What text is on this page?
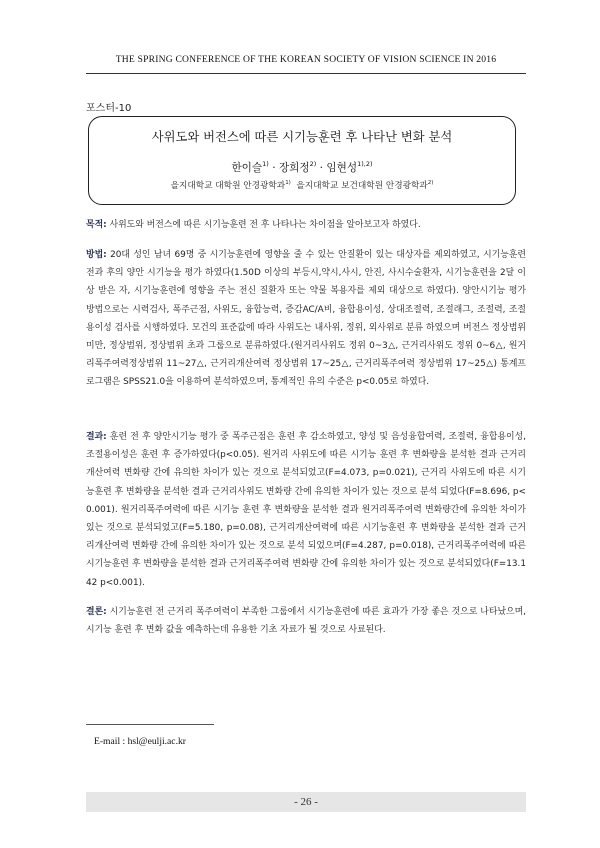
THE SPRING CONFERENCE OF THE KOREAN SOCIETY OF VISION SCIENCE IN 2016
포스터-10
사위도와 버전스에 따른 시기능훈련 후 나타난 변화 분석
한이슬$^{1)}$ · 장희정$^{2)}$ · 임현성$^{1),2)}$
을지대학교 대학원 안경광학과$^{1)}$ 을지대학교 보건대학원 안경광학과$^{2)}$
목적: 사위도와 버전스에 따른 시기능훈련 전 후 나타나는 차이점을 알아보고자 하였다.
방법: 20대 성인 남녀 69명 중 시기능훈련에 영향을 줄 수 있는 안질환이 있는 대상자를 제외하였고, 시기능훈련 전과 후의 양안 시기능을 평가 하였다(1.50D 이상의 부등시,약시,사시, 안진, 사시수술환자, 시기능훈련을 2달 이상 받은 자, 시기능훈련에 영향을 주는 전신 질환자 또는 약물 복용자를 제외 대상으로 하였다). 양안시기능 평가 방법으로는 시력검사, 폭주근점, 사위도, 융합능력, 증감AC/A비, 융합용이성, 상대조절력, 조절래그, 조절력, 조절용이성 검사를 시행하였다. 모건의 표준값에 따라 사위도는 내사위, 정위, 외사위로 분류 하였으며 버전스 정상범위미만, 정상범위, 정상범위 초과 그룹으로 분류하였다.(원거리사위도 정위 0~3△, 근거리사위도 정위 0~6△, 원거리폭주여력정상범위 11~27△, 근거리개산여력 정상범위 17~25△, 근거리폭주여력 정상범위 17~25△) 통계프로그램은 SPSS21.0을 이용하여 분석하였으며, 통계적인 유의 수준은 p<0.05로 하였다.
결과: 훈련 전 후 양안시기능 평가 중 폭주근점은 훈련 후 감소하였고, 양성 및 음성융합여력, 조절력, 융합용이성, 조절용이성은 훈련 후 증가하였다(p<0.05). 원거리 사위도에 따른 시기능 훈련 후 변화량을 분석한 결과 근거리 개산여력 변화량 간에 유의한 차이가 있는 것으로 분석되었고(F=4.073, p=0.021), 근거리 사위도에 따른 시기능훈련 후 변화량을 분석한 결과 근거리사위도 변화량 간에 유의한 차이가 있는 것으로 분석 되었다(F=8.696, p<0.001). 원거리폭주여력에 따른 시기능 훈련 후 변화량을 분석한 결과 원거리폭주여력 변화량간에 유의한 차이가 있는 것으로 분석되었고(F=5.180, p=0.08), 근거리개산여력에 따른 시기능훈련 후 변화량을 분석한 결과 근거리개산여력 변화량 간에 유의한 차이가 있는 것으로 분석 되었으며(F=4.287, p=0.018), 근거리폭주여력에 따른 시기능훈련 후 변화량을 분석한 결과 근거리폭주여력 변화량 간에 유의한 차이가 있는 것으로 분석되었다(F=13.142 p<0.001).
결론: 시기능훈련 전 근거리 폭주여력이 부족한 그룹에서 시기능훈련에 따른 효과가 가장 좋은 것으로 나타났으며, 시기능 훈련 후 변화 값을 예측하는데 유용한 기초 자료가 될 것으로 사료된다.
E-mail : hsl@eulji.ac.kr
- 26 -
